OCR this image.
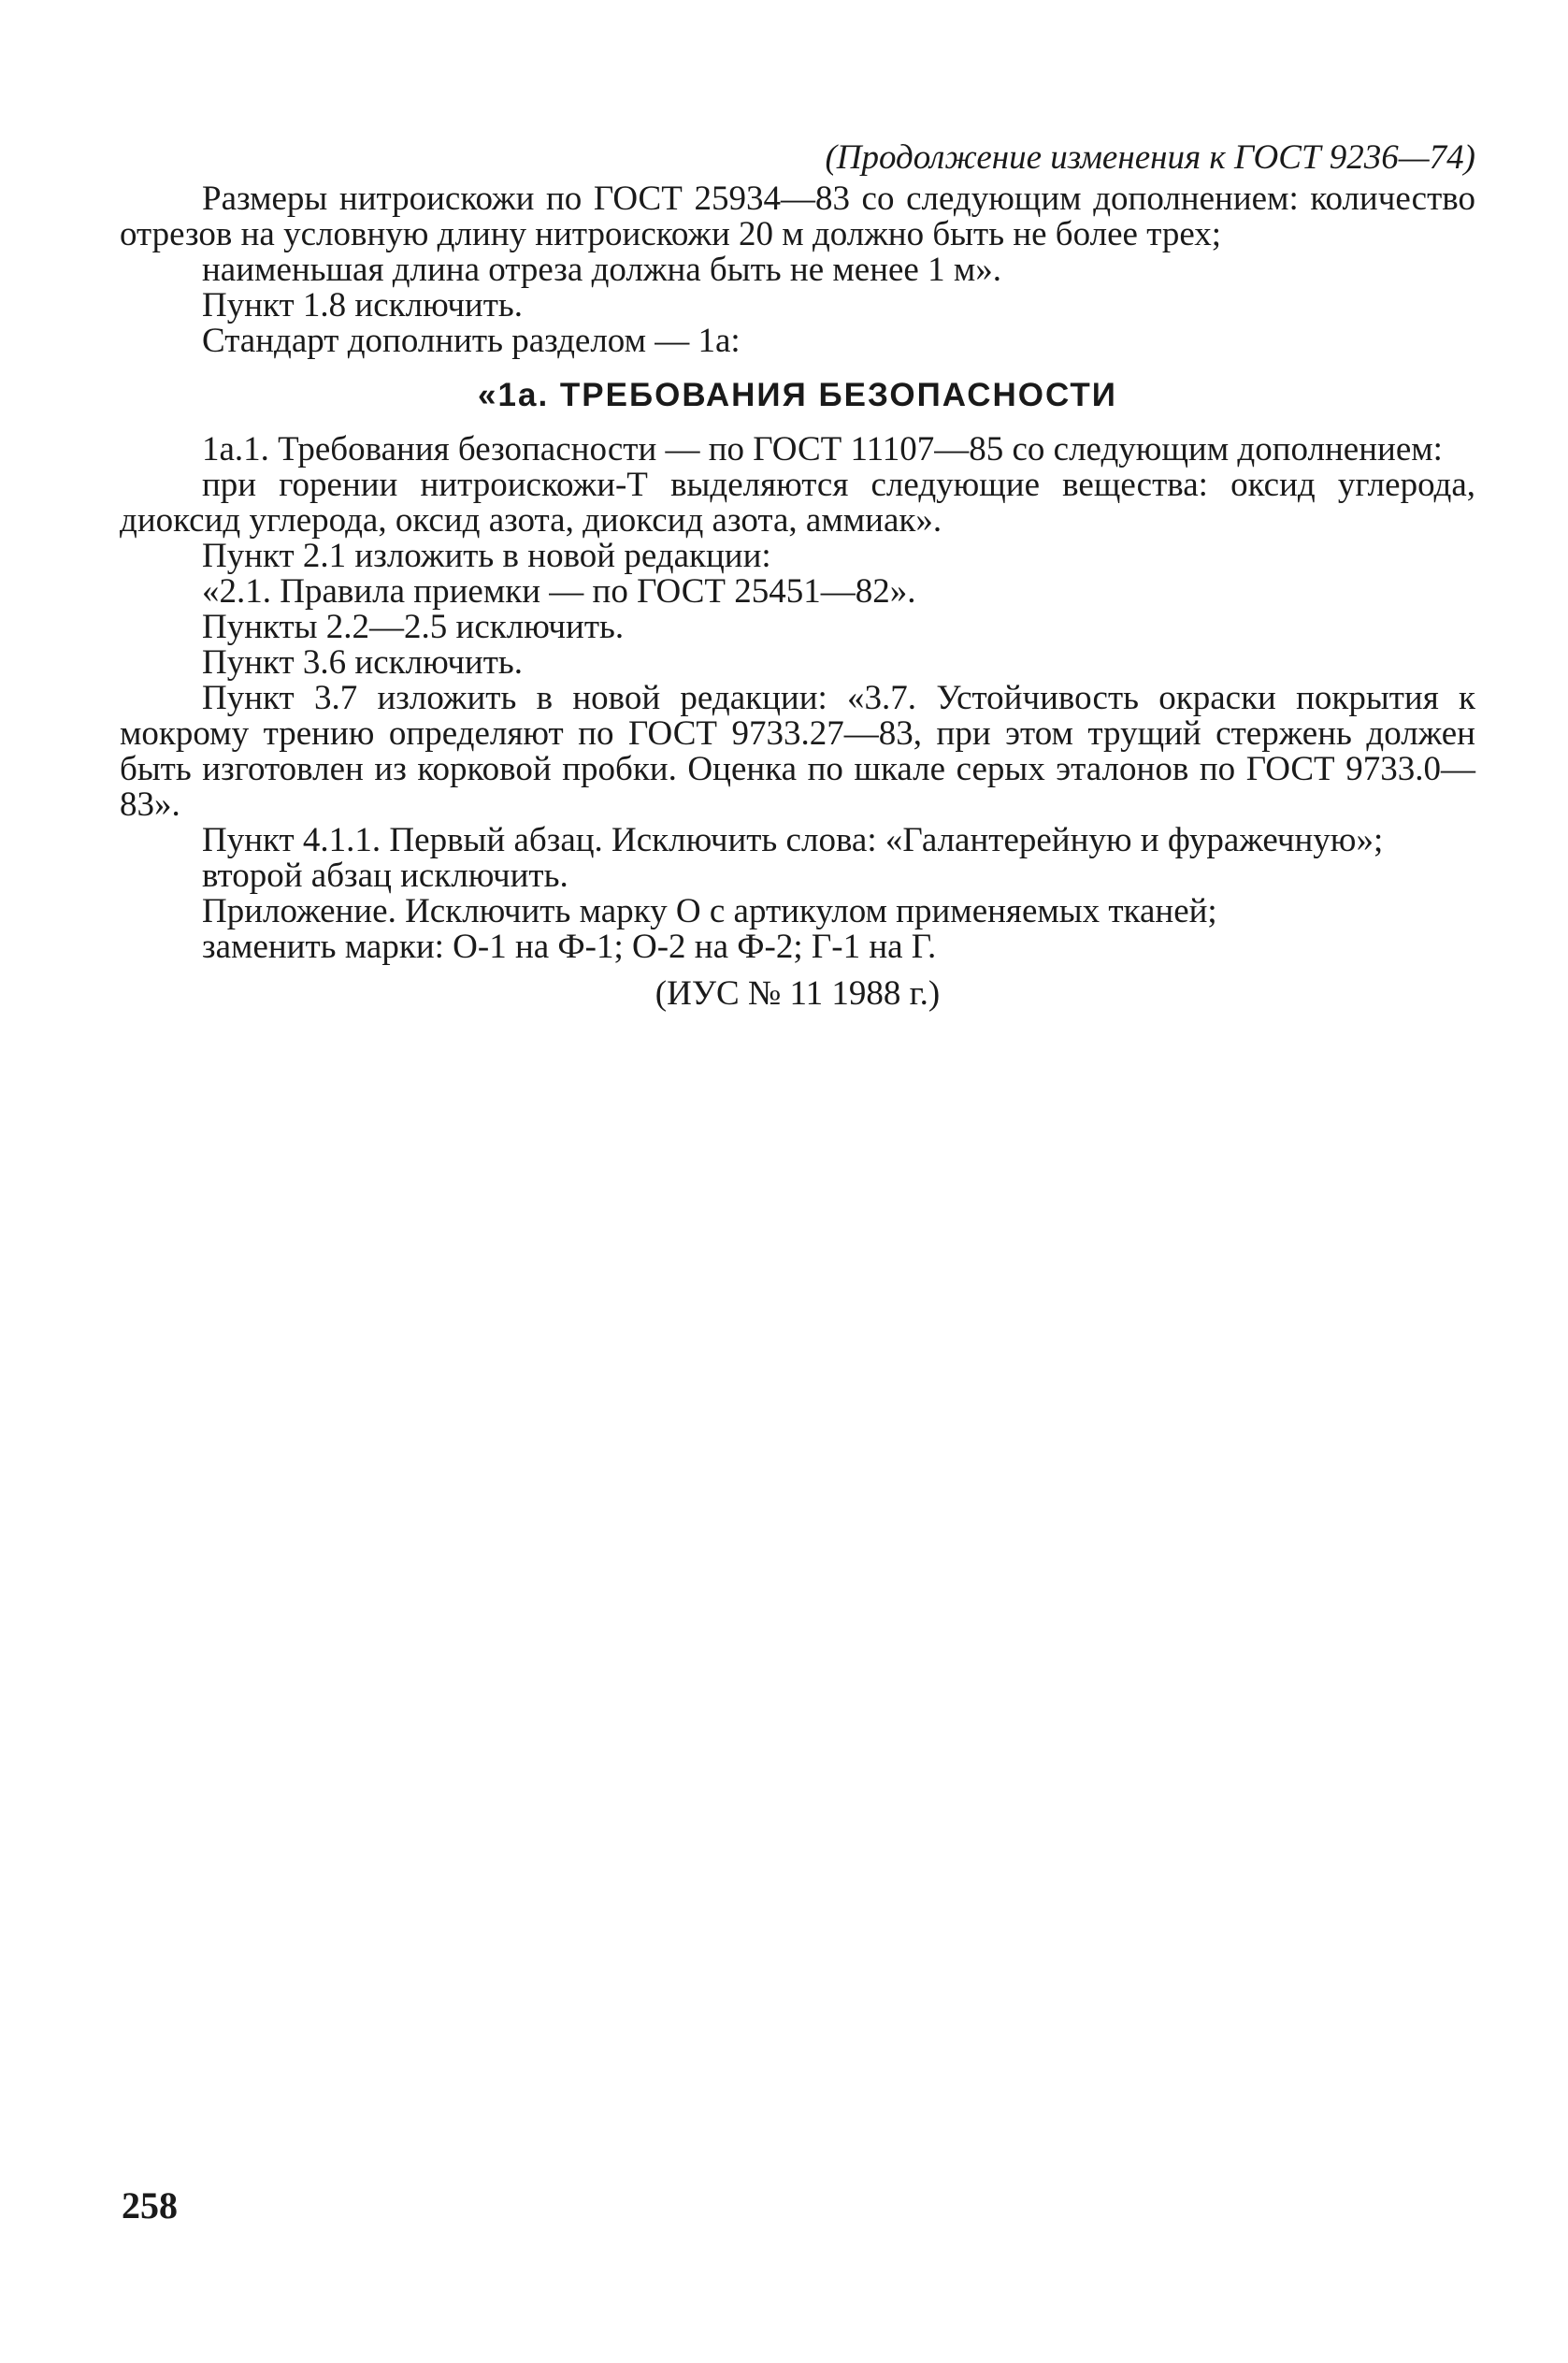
(Продолжение изменения к ГОСТ 9236—74)

Размеры нитроискожи по ГОСТ 25934—83 со следующим дополнением: количество отрезов на условную длину нитроискожи 20 м должно быть не более трех;

наименьшая длина отреза должна быть не менее 1 м».

Пункт 1.8 исключить.

Стандарт дополнить разделом — 1а:

«1а. ТРЕБОВАНИЯ БЕЗОПАСНОСТИ

1а.1. Требования безопасности — по ГОСТ 11107—85 со следующим дополнением:

при горении нитроискожи-Т выделяются следующие вещества: оксид углерода, диоксид углерода, оксид азота, диоксид азота, аммиак».

Пункт 2.1 изложить в новой редакции:

«2.1. Правила приемки — по ГОСТ 25451—82».

Пункты 2.2—2.5 исключить.

Пункт 3.6 исключить.

Пункт 3.7 изложить в новой редакции: «3.7. Устойчивость окраски покрытия к мокрому трению определяют по ГОСТ 9733.27—83, при этом трущий стержень должен быть изготовлен из корковой пробки. Оценка по шкале серых эталонов по ГОСТ 9733.0—83».

Пункт 4.1.1. Первый абзац. Исключить слова: «Галантерейную и фуражечную»;

второй абзац исключить.

Приложение. Исключить марку О с артикулом применяемых тканей;

заменить марки: О-1 на Ф-1; О-2 на Ф-2; Г-1 на Г.

(ИУС № 11 1988 г.)

258
